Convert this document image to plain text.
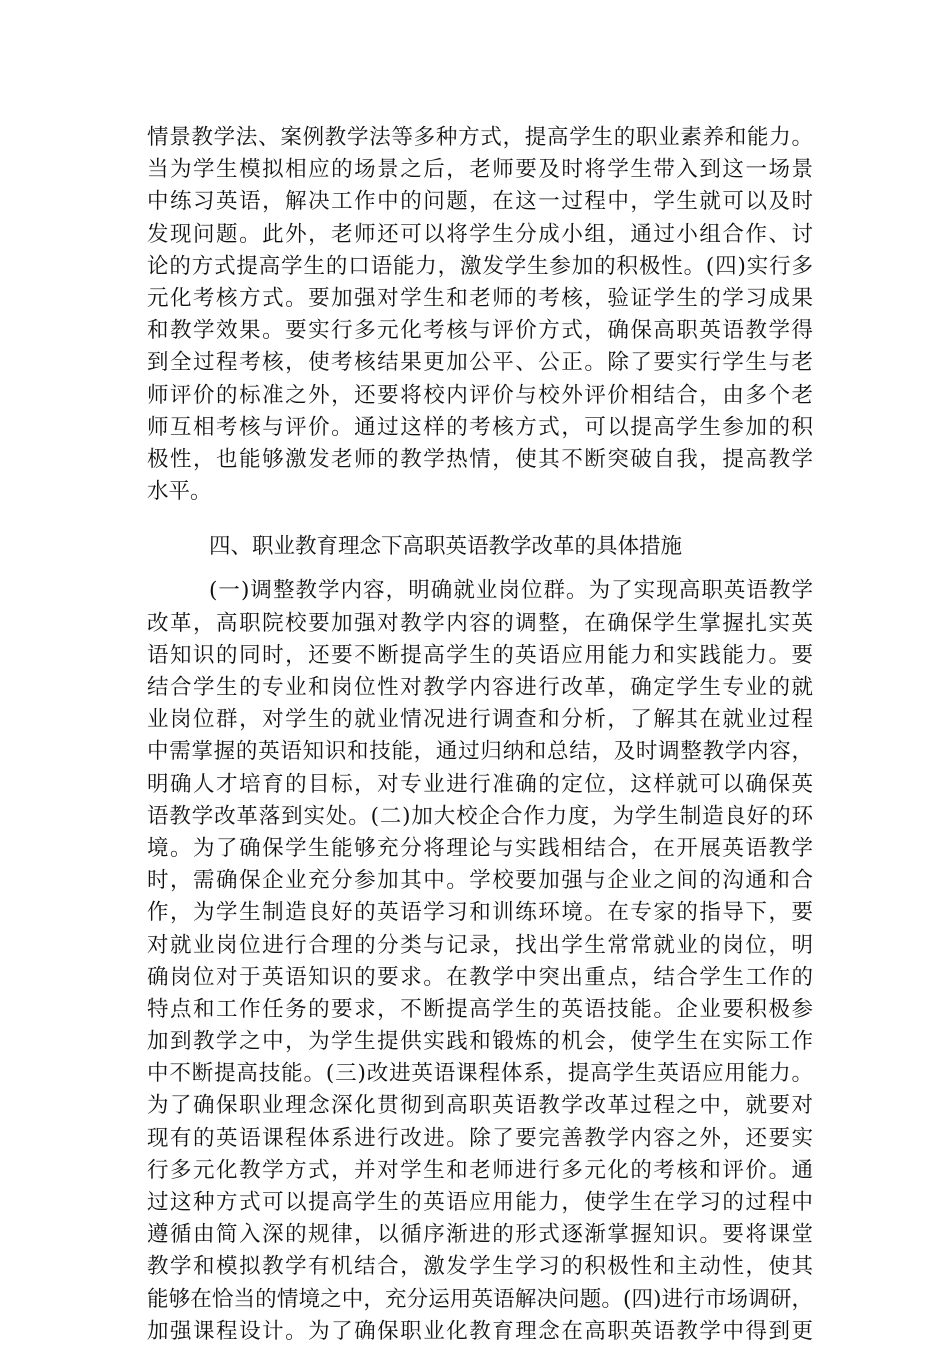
情景教学法、案例教学法等多种方式，提高学生的职业素养和能力。
当为学生模拟相应的场景之后，老师要及时将学生带入到这一场景
中练习英语，解决工作中的问题，在这一过程中，学生就可以及时
发现问题。此外，老师还可以将学生分成小组，通过小组合作、讨
论的方式提高学生的口语能力，激发学生参加的积极性。(四)实行多
元化考核方式。要加强对学生和老师的考核，验证学生的学习成果
和教学效果。要实行多元化考核与评价方式，确保高职英语教学得
到全过程考核，使考核结果更加公平、公正。除了要实行学生与老
师评价的标准之外，还要将校内评价与校外评价相结合，由多个老
师互相考核与评价。通过这样的考核方式，可以提高学生参加的积
极性，也能够激发老师的教学热情，使其不断突破自我，提高教学
水平。
四、职业教育理念下高职英语教学改革的具体措施
(一)调整教学内容，明确就业岗位群。为了实现高职英语教学
改革，高职院校要加强对教学内容的调整，在确保学生掌握扎实英
语知识的同时，还要不断提高学生的英语应用能力和实践能力。要
结合学生的专业和岗位性对教学内容进行改革，确定学生专业的就
业岗位群，对学生的就业情况进行调查和分析，了解其在就业过程
中需掌握的英语知识和技能，通过归纳和总结，及时调整教学内容，
明确人才培育的目标，对专业进行准确的定位，这样就可以确保英
语教学改革落到实处。(二)加大校企合作力度，为学生制造良好的环
境。为了确保学生能够充分将理论与实践相结合，在开展英语教学
时，需确保企业充分参加其中。学校要加强与企业之间的沟通和合
作，为学生制造良好的英语学习和训练环境。在专家的指导下，要
对就业岗位进行合理的分类与记录，找出学生常常就业的岗位，明
确岗位对于英语知识的要求。在教学中突出重点，结合学生工作的
特点和工作任务的要求，不断提高学生的英语技能。企业要积极参
加到教学之中，为学生提供实践和锻炼的机会，使学生在实际工作
中不断提高技能。(三)改进英语课程体系，提高学生英语应用能力。
为了确保职业理念深化贯彻到高职英语教学改革过程之中，就要对
现有的英语课程体系进行改进。除了要完善教学内容之外，还要实
行多元化教学方式，并对学生和老师进行多元化的考核和评价。通
过这种方式可以提高学生的英语应用能力，使学生在学习的过程中
遵循由简入深的规律，以循序渐进的形式逐渐掌握知识。要将课堂
教学和模拟教学有机结合，激发学生学习的积极性和主动性，使其
能够在恰当的情境之中，充分运用英语解决问题。(四)进行市场调研，
加强课程设计。为了确保职业化教育理念在高职英语教学中得到更
